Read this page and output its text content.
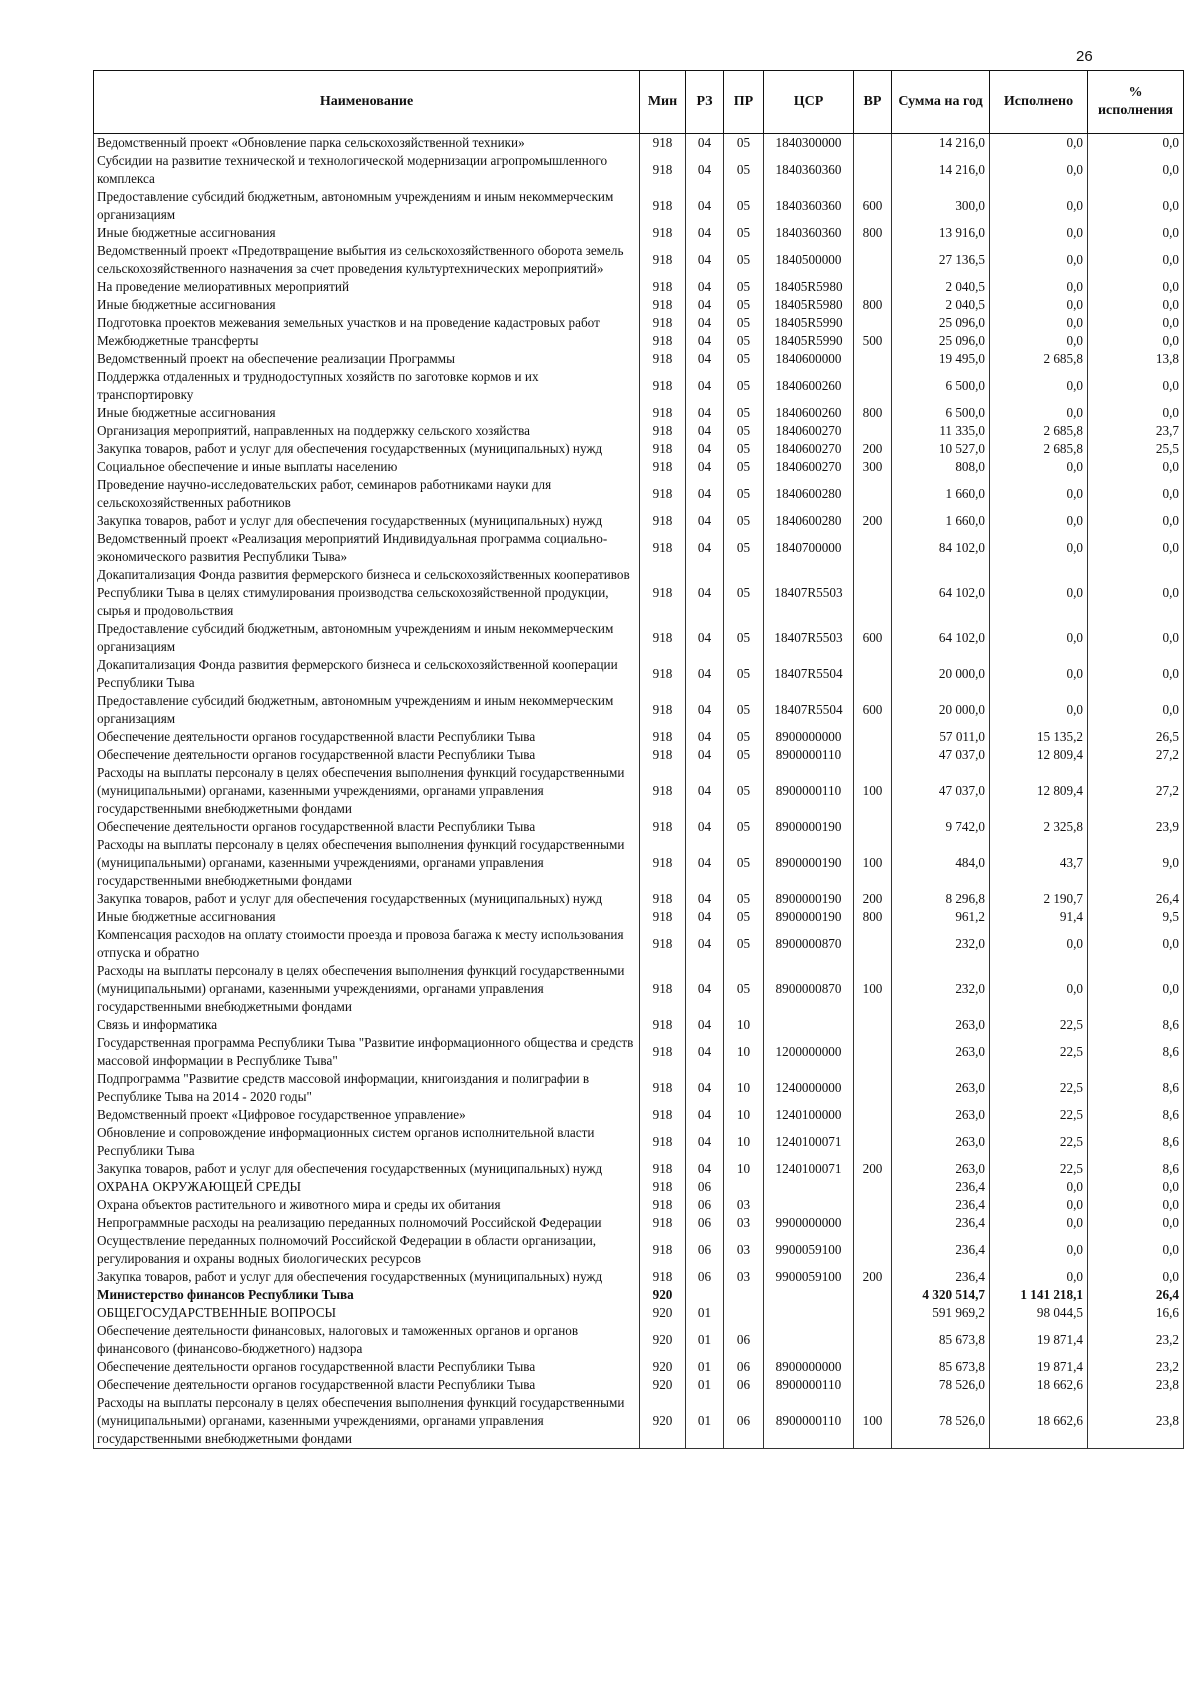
26
Наименование	Мин	РЗ	ПР	ЦСР	ВР	Сумма на год	Исполнено	% исполнения
Ведомственный проект «Обновление парка сельскохозяйственной техники»	918	04	05	1840300000		14 216,0	0,0	0,0
Субсидии на развитие технической и технологической модернизации агропромышленного комплекса	918	04	05	1840360360		14 216,0	0,0	0,0
Предоставление субсидий бюджетным, автономным учреждениям и иным некоммерческим организациям	918	04	05	1840360360	600	300,0	0,0	0,0
Иные бюджетные ассигнования	918	04	05	1840360360	800	13 916,0	0,0	0,0
Ведомственный проект «Предотвращение выбытия из сельскохозяйственного оборота земель сельскохозяйственного назначения за счет проведения культуртехнических мероприятий»	918	04	05	1840500000		27 136,5	0,0	0,0
На проведение мелиоративных мероприятий	918	04	05	18405R5980		2 040,5	0,0	0,0
Иные бюджетные ассигнования	918	04	05	18405R5980	800	2 040,5	0,0	0,0
Подготовка проектов межевания земельных участков и на проведение кадастровых работ	918	04	05	18405R5990		25 096,0	0,0	0,0
Межбюджетные трансферты	918	04	05	18405R5990	500	25 096,0	0,0	0,0
Ведомственный проект на обеспечение реализации Программы	918	04	05	1840600000		19 495,0	2 685,8	13,8
Поддержка отдаленных и труднодоступных хозяйств по заготовке кормов и их транспортировку	918	04	05	1840600260		6 500,0	0,0	0,0
Иные бюджетные ассигнования	918	04	05	1840600260	800	6 500,0	0,0	0,0
Организация мероприятий, направленных на поддержку сельского хозяйства	918	04	05	1840600270		11 335,0	2 685,8	23,7
Закупка товаров, работ и услуг для обеспечения государственных (муниципальных) нужд	918	04	05	1840600270	200	10 527,0	2 685,8	25,5
Социальное обеспечение и иные выплаты населению	918	04	05	1840600270	300	808,0	0,0	0,0
Проведение научно-исследовательских работ, семинаров работниками науки для сельскохозяйственных работников	918	04	05	1840600280		1 660,0	0,0	0,0
Закупка товаров, работ и услуг для обеспечения государственных (муниципальных) нужд	918	04	05	1840600280	200	1 660,0	0,0	0,0
Ведомственный проект «Реализация мероприятий Индивидуальная программа социально-экономического развития Республики Тыва»	918	04	05	1840700000		84 102,0	0,0	0,0
Докапитализация Фонда развития фермерского бизнеса и сельскохозяйственных кооперативов Республики Тыва в целях стимулирования производства сельскохозяйственной продукции, сырья и продовольствия	918	04	05	18407R5503		64 102,0	0,0	0,0
Предоставление субсидий бюджетным, автономным учреждениям и иным некоммерческим организациям	918	04	05	18407R5503	600	64 102,0	0,0	0,0
Докапитализация Фонда развития фермерского бизнеса и сельскохозяйственной кооперации Республики Тыва	918	04	05	18407R5504		20 000,0	0,0	0,0
Предоставление субсидий бюджетным, автономным учреждениям и иным некоммерческим организациям	918	04	05	18407R5504	600	20 000,0	0,0	0,0
Обеспечение деятельности органов государственной власти Республики Тыва	918	04	05	8900000000		57 011,0	15 135,2	26,5
Обеспечение деятельности органов государственной власти Республики Тыва	918	04	05	8900000110		47 037,0	12 809,4	27,2
Расходы на выплаты персоналу в целях обеспечения выполнения функций государственными (муниципальными) органами, казенными учреждениями, органами управления государственными внебюджетными фондами	918	04	05	8900000110	100	47 037,0	12 809,4	27,2
Обеспечение деятельности органов государственной власти Республики Тыва	918	04	05	8900000190		9 742,0	2 325,8	23,9
Расходы на выплаты персоналу в целях обеспечения выполнения функций государственными (муниципальными) органами, казенными учреждениями, органами управления государственными внебюджетными фондами	918	04	05	8900000190	100	484,0	43,7	9,0
Закупка товаров, работ и услуг для обеспечения государственных (муниципальных) нужд	918	04	05	8900000190	200	8 296,8	2 190,7	26,4
Иные бюджетные ассигнования	918	04	05	8900000190	800	961,2	91,4	9,5
Компенсация расходов на оплату стоимости проезда и провоза багажа к месту использования отпуска и обратно	918	04	05	8900000870		232,0	0,0	0,0
Расходы на выплаты персоналу в целях обеспечения выполнения функций государственными (муниципальными) органами, казенными учреждениями, органами управления государственными внебюджетными фондами	918	04	05	8900000870	100	232,0	0,0	0,0
Связь и информатика	918	04	10			263,0	22,5	8,6
Государственная программа Республики Тыва "Развитие информационного общества и средств массовой информации в Республике Тыва"	918	04	10	1200000000		263,0	22,5	8,6
Подпрограмма "Развитие средств массовой информации, книгоиздания и полиграфии в Республике Тыва на 2014 - 2020 годы"	918	04	10	1240000000		263,0	22,5	8,6
Ведомственный проект «Цифровое государственное управление»	918	04	10	1240100000		263,0	22,5	8,6
Обновление и сопровождение информационных систем органов исполнительной власти Республики Тыва	918	04	10	1240100071		263,0	22,5	8,6
Закупка товаров, работ и услуг для обеспечения государственных (муниципальных) нужд	918	04	10	1240100071	200	263,0	22,5	8,6
ОХРАНА ОКРУЖАЮЩЕЙ СРЕДЫ	918	06				236,4	0,0	0,0
Охрана объектов растительного и животного мира и среды их обитания	918	06	03			236,4	0,0	0,0
Непрограммные расходы на реализацию переданных полномочий Российской Федерации	918	06	03	9900000000		236,4	0,0	0,0
Осуществление переданных полномочий Российской Федерации в области организации, регулирования и охраны водных биологических ресурсов	918	06	03	9900059100		236,4	0,0	0,0
Закупка товаров, работ и услуг для обеспечения государственных (муниципальных) нужд	918	06	03	9900059100	200	236,4	0,0	0,0
Министерство финансов Республики Тыва	920					4 320 514,7	1 141 218,1	26,4
ОБЩЕГОСУДАРСТВЕННЫЕ ВОПРОСЫ	920	01				591 969,2	98 044,5	16,6
Обеспечение деятельности финансовых, налоговых и таможенных органов и органов финансового (финансово-бюджетного) надзора	920	01	06			85 673,8	19 871,4	23,2
Обеспечение деятельности органов государственной власти Республики Тыва	920	01	06	8900000000		85 673,8	19 871,4	23,2
Обеспечение деятельности органов государственной власти Республики Тыва	920	01	06	8900000110		78 526,0	18 662,6	23,8
Расходы на выплаты персоналу в целях обеспечения выполнения функций государственными (муниципальными) органами, казенными учреждениями, органами управления государственными внебюджетными фондами	920	01	06	8900000110	100	78 526,0	18 662,6	23,8
